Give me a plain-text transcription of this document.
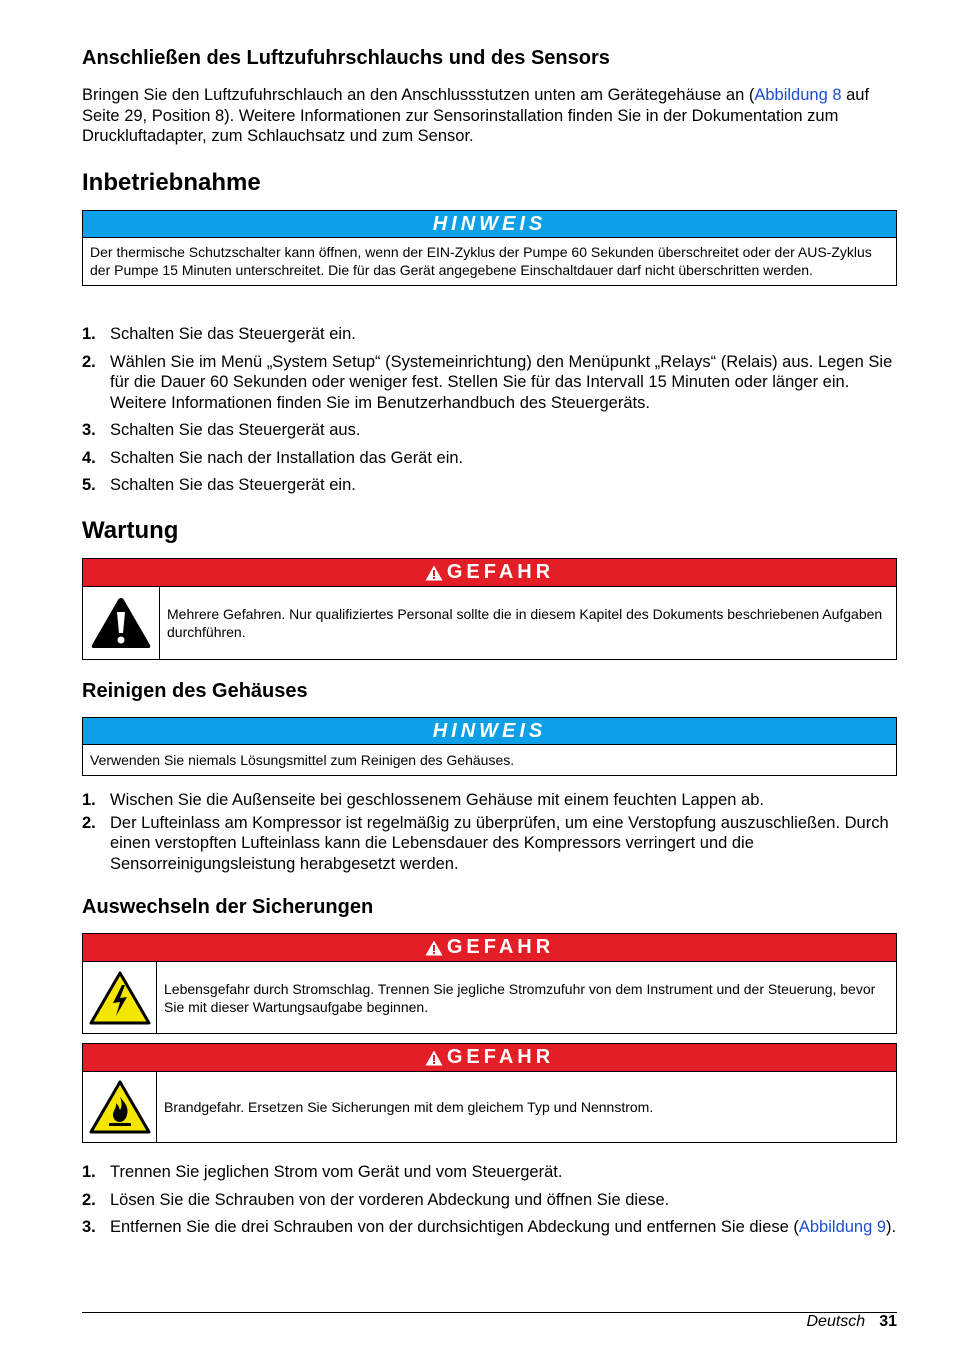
Anschließen des Luftzufuhrschlauchs und des Sensors
Bringen Sie den Luftzufuhrschlauch an den Anschlussstutzen unten am Gerätegehäuse an (Abbildung 8 auf Seite 29, Position 8). Weitere Informationen zur Sensorinstallation finden Sie in der Dokumentation zum Druckluftadapter, zum Schlauchsatz und zum Sensor.
Inbetriebnahme
HINWEIS
Der thermische Schutzschalter kann öffnen, wenn der EIN-Zyklus der Pumpe 60 Sekunden überschreitet oder der AUS-Zyklus der Pumpe 15 Minuten unterschreitet. Die für das Gerät angegebene Einschaltdauer darf nicht überschritten werden.
1. Schalten Sie das Steuergerät ein.
2. Wählen Sie im Menü „System Setup“ (Systemeinrichtung) den Menüpunkt „Relays“ (Relais) aus. Legen Sie für die Dauer 60 Sekunden oder weniger fest. Stellen Sie für das Intervall 15 Minuten oder länger ein. Weitere Informationen finden Sie im Benutzerhandbuch des Steuergeräts.
3. Schalten Sie das Steuergerät aus.
4. Schalten Sie nach der Installation das Gerät ein.
5. Schalten Sie das Steuergerät ein.
Wartung
GEFAHR
Mehrere Gefahren. Nur qualifiziertes Personal sollte die in diesem Kapitel des Dokuments beschriebenen Aufgaben durchführen.
Reinigen des Gehäuses
HINWEIS
Verwenden Sie niemals Lösungsmittel zum Reinigen des Gehäuses.
1. Wischen Sie die Außenseite bei geschlossenem Gehäuse mit einem feuchten Lappen ab.
2. Der Lufteinlass am Kompressor ist regelmäßig zu überprüfen, um eine Verstopfung auszuschließen. Durch einen verstopften Lufteinlass kann die Lebensdauer des Kompressors verringert und die Sensorreinigungsleistung herabgesetzt werden.
Auswechseln der Sicherungen
GEFAHR
Lebensgefahr durch Stromschlag. Trennen Sie jegliche Stromzufuhr von dem Instrument und der Steuerung, bevor Sie mit dieser Wartungsaufgabe beginnen.
GEFAHR
Brandgefahr. Ersetzen Sie Sicherungen mit dem gleichem Typ und Nennstrom.
1. Trennen Sie jeglichen Strom vom Gerät und vom Steuergerät.
2. Lösen Sie die Schrauben von der vorderen Abdeckung und öffnen Sie diese.
3. Entfernen Sie die drei Schrauben von der durchsichtigen Abdeckung und entfernen Sie diese (Abbildung 9).
Deutsch 31
